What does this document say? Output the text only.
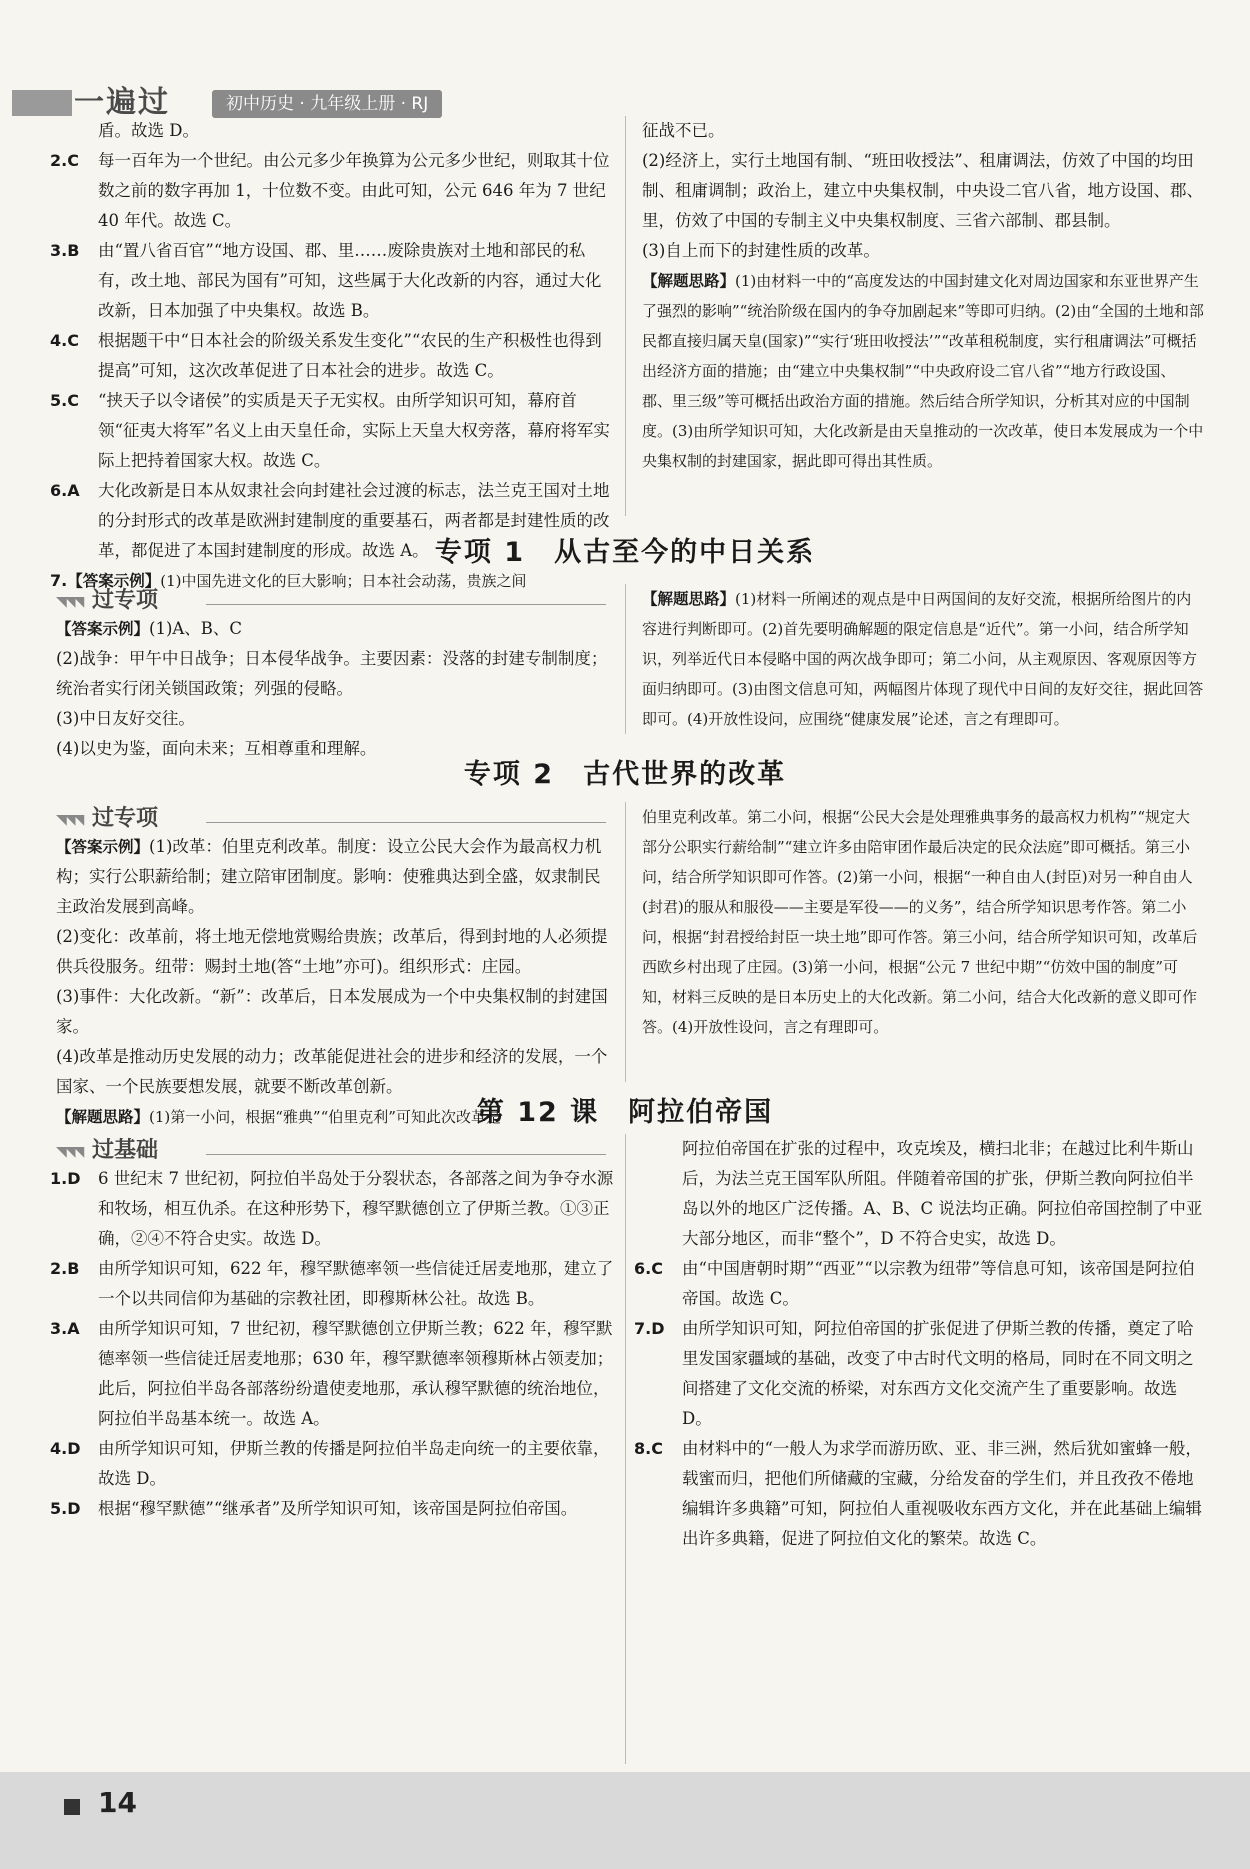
一遍过	初中历史 · 九年级上册 · RJ

盾。故选 D。

2.C 每一百年为一个世纪。由公元多少年换算为公元多少世纪，则取其十位数之前的数字再加 1，十位数不变。由此可知，公元 646 年为 7 世纪 40 年代。故选 C。

3.B 由“置八省百官”“地方设国、郡、里……废除贵族对土地和部民的私有，改土地、部民为国有”可知，这些属于大化改新的内容，通过大化改新，日本加强了中央集权。故选 B。

4.C 根据题干中“日本社会的阶级关系发生变化”“农民的生产积极性也得到提高”可知，这次改革促进了日本社会的进步。故选 C。

5.C “挟天子以令诸侯”的实质是天子无实权。由所学知识可知，幕府首领“征夷大将军”名义上由天皇任命，实际上天皇大权旁落，幕府将军实际上把持着国家大权。故选 C。

6.A 大化改新是日本从奴隶社会向封建社会过渡的标志，法兰克王国对土地的分封形式的改革是欧洲封建制度的重要基石，两者都是封建性质的改革，都促进了本国封建制度的形成。故选 A。

7.【答案示例】(1)中国先进文化的巨大影响；日本社会动荡，贵族之间

征战不已。

(2)经济上，实行土地国有制、“班田收授法”、租庸调法，仿效了中国的均田制、租庸调制；政治上，建立中央集权制，中央设二官八省，地方设国、郡、里，仿效了中国的专制主义中央集权制度、三省六部制、郡县制。

(3)自上而下的封建性质的改革。

【解题思路】(1)由材料一中的“高度发达的中国封建文化对周边国家和东亚世界产生了强烈的影响”“统治阶级在国内的争夺加剧起来”等即可归纳。(2)由“全国的土地和部民都直接归属天皇(国家)”“实行‘班田收授法’”“改革租税制度，实行租庸调法”可概括出经济方面的措施；由“建立中央集权制”“中央政府设二官八省”“地方行政设国、郡、里三级”等可概括出政治方面的措施。然后结合所学知识，分析其对应的中国制度。(3)由所学知识可知，大化改新是由天皇推动的一次改革，使日本发展成为一个中央集权制的封建国家，据此即可得出其性质。

专项 1　从古至今的中日关系
◥◥◥ 过专项

【答案示例】(1)A、B、C

(2)战争：甲午中日战争；日本侵华战争。主要因素：没落的封建专制制度；统治者实行闭关锁国政策；列强的侵略。

(3)中日友好交往。

(4)以史为鉴，面向未来；互相尊重和理解。

【解题思路】(1)材料一所阐述的观点是中日两国间的友好交流，根据所给图片的内容进行判断即可。(2)首先要明确解题的限定信息是“近代”。第一小问，结合所学知识，列举近代日本侵略中国的两次战争即可；第二小问，从主观原因、客观原因等方面归纳即可。(3)由图文信息可知，两幅图片体现了现代中日间的友好交往，据此回答即可。(4)开放性设问，应围绕“健康发展”论述，言之有理即可。

专项 2　古代世界的改革
◥◥◥ 过专项

【答案示例】(1)改革：伯里克利改革。制度：设立公民大会作为最高权力机构；实行公职薪给制；建立陪审团制度。影响：使雅典达到全盛，奴隶制民主政治发展到高峰。

(2)变化：改革前，将土地无偿地赏赐给贵族；改革后，得到封地的人必须提供兵役服务。纽带：赐封土地(答“土地”亦可)。组织形式：庄园。

(3)事件：大化改新。“新”：改革后，日本发展成为一个中央集权制的封建国家。

(4)改革是推动历史发展的动力；改革能促进社会的进步和经济的发展，一个国家、一个民族要想发展，就要不断改革创新。

【解题思路】(1)第一小问，根据“雅典”“伯里克利”可知此次改革是

伯里克利改革。第二小问，根据“公民大会是处理雅典事务的最高权力机构”“规定大部分公职实行薪给制”“建立许多由陪审团作最后决定的民众法庭”即可概括。第三小问，结合所学知识即可作答。(2)第一小问，根据“一种自由人(封臣)对另一种自由人(封君)的服从和服役——主要是军役——的义务”，结合所学知识思考作答。第二小问，根据“封君授给封臣一块土地”即可作答。第三小问，结合所学知识可知，改革后西欧乡村出现了庄园。(3)第一小问，根据“公元 7 世纪中期”“仿效中国的制度”可知，材料三反映的是日本历史上的大化改新。第二小问，结合大化改新的意义即可作答。(4)开放性设问，言之有理即可。

第 12 课　阿拉伯帝国
◥◥◥ 过基础

1.D 6 世纪末 7 世纪初，阿拉伯半岛处于分裂状态，各部落之间为争夺水源和牧场，相互仇杀。在这种形势下，穆罕默德创立了伊斯兰教。①③正确，②④不符合史实。故选 D。

2.B 由所学知识可知，622 年，穆罕默德率领一些信徒迁居麦地那，建立了一个以共同信仰为基础的宗教社团，即穆斯林公社。故选 B。

3.A 由所学知识可知，7 世纪初，穆罕默德创立伊斯兰教；622 年，穆罕默德率领一些信徒迁居麦地那；630 年，穆罕默德率领穆斯林占领麦加；此后，阿拉伯半岛各部落纷纷遣使麦地那，承认穆罕默德的统治地位，阿拉伯半岛基本统一。故选 A。

4.D 由所学知识可知，伊斯兰教的传播是阿拉伯半岛走向统一的主要依靠，故选 D。

5.D 根据“穆罕默德”“继承者”及所学知识可知，该帝国是阿拉伯帝国。

阿拉伯帝国在扩张的过程中，攻克埃及，横扫北非；在越过比利牛斯山后，为法兰克王国军队所阻。伴随着帝国的扩张，伊斯兰教向阿拉伯半岛以外的地区广泛传播。A、B、C 说法均正确。阿拉伯帝国控制了中亚大部分地区，而非“整个”，D 不符合史实，故选 D。

6.C 由“中国唐朝时期”“西亚”“以宗教为纽带”等信息可知，该帝国是阿拉伯帝国。故选 C。

7.D 由所学知识可知，阿拉伯帝国的扩张促进了伊斯兰教的传播，奠定了哈里发国家疆域的基础，改变了中古时代文明的格局，同时在不同文明之间搭建了文化交流的桥梁，对东西方文化交流产生了重要影响。故选 D。

8.C 由材料中的“一般人为求学而游历欧、亚、非三洲，然后犹如蜜蜂一般，载蜜而归，把他们所储藏的宝藏，分给发奋的学生们，并且孜孜不倦地编辑许多典籍”可知，阿拉伯人重视吸收东西方文化，并在此基础上编辑出许多典籍，促进了阿拉伯文化的繁荣。故选 C。

14
